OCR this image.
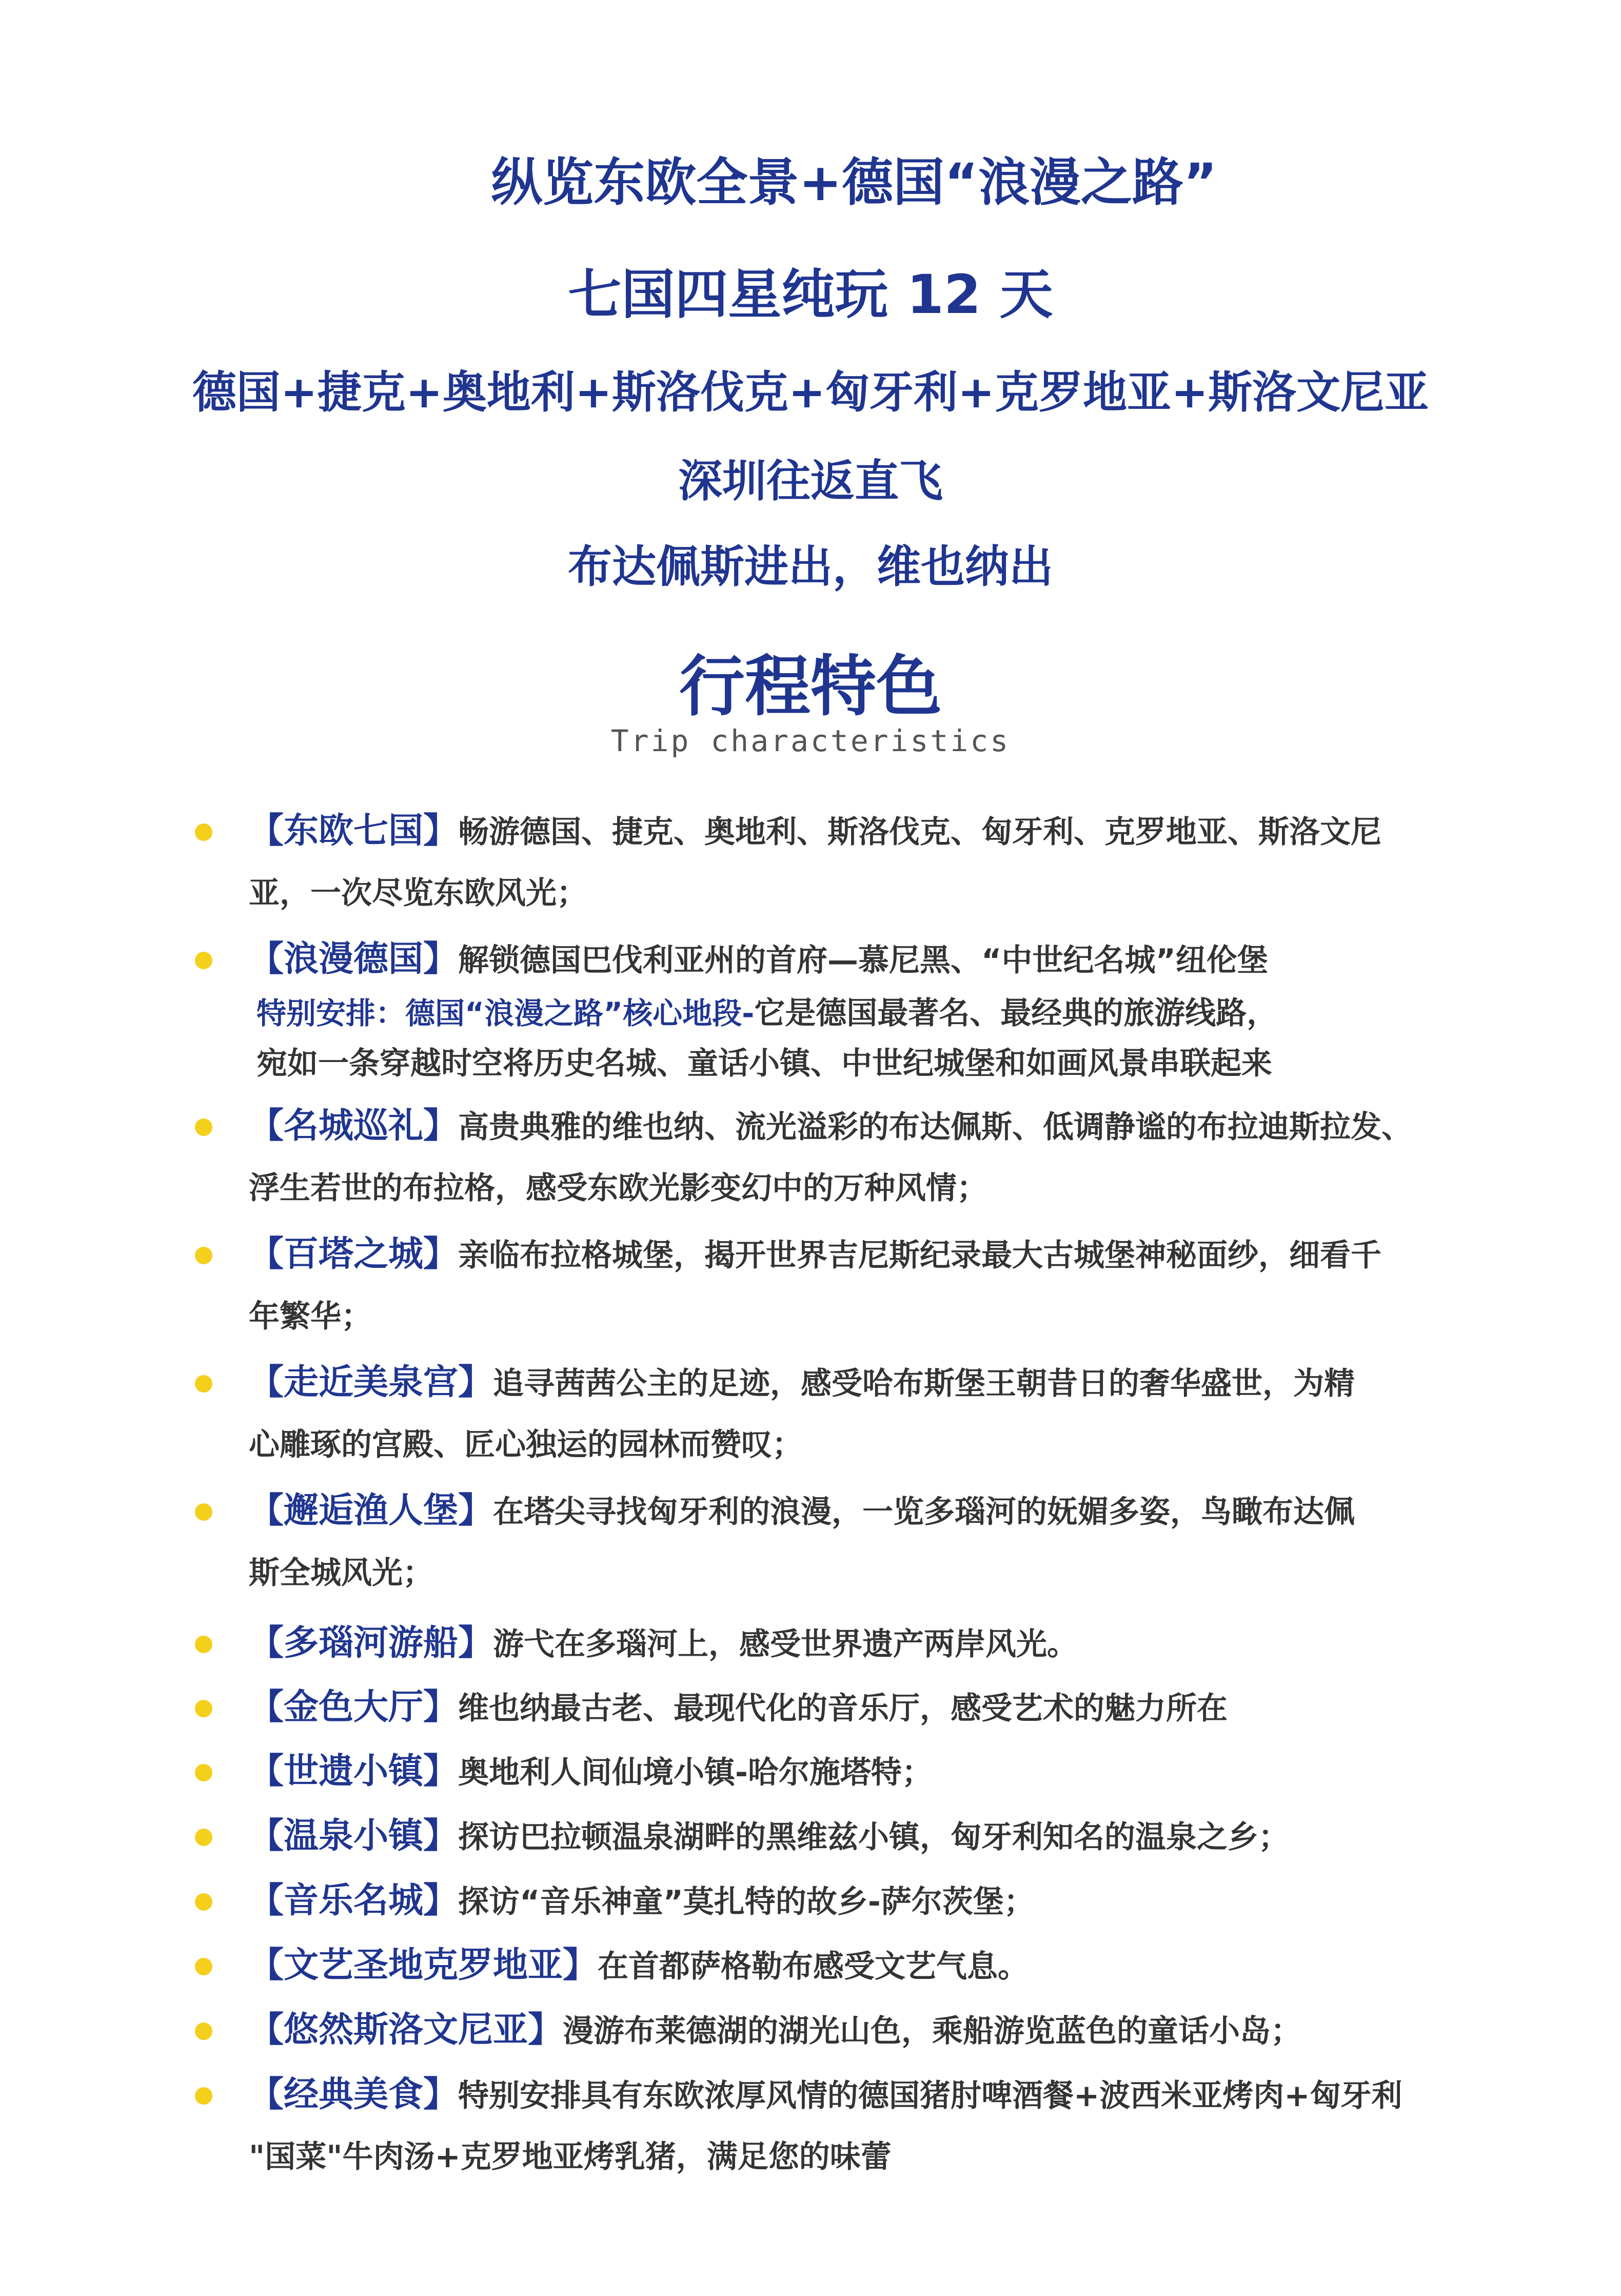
纵览东欧全景+德国“浪漫之路”
七国四星纯玩 12 天
德国+捷克+奥地利+斯洛伐克+匈牙利+克罗地亚+斯洛文尼亚
深圳往返直飞
布达佩斯进出，维也纳出
行程特色
Trip characteristics
【东欧七国】畅游德国、捷克、奥地利、斯洛伐克、匈牙利、克罗地亚、斯洛文尼
亚，一次尽览东欧风光；
【浪漫德国】解锁德国巴伐利亚州的首府—慕尼黑、“中世纪名城”纽伦堡
特别安排：德国“浪漫之路”核心地段-它是德国最著名、最经典的旅游线路，
宛如一条穿越时空将历史名城、童话小镇、中世纪城堡和如画风景串联起来
【名城巡礼】高贵典雅的维也纳、流光溢彩的布达佩斯、低调静谧的布拉迪斯拉发、
浮生若世的布拉格，感受东欧光影变幻中的万种风情；
【百塔之城】亲临布拉格城堡，揭开世界吉尼斯纪录最大古城堡神秘面纱，细看千
年繁华；
【走近美泉宫】追寻茜茜公主的足迹，感受哈布斯堡王朝昔日的奢华盛世，为精
心雕琢的宫殿、匠心独运的园林而赞叹；
【邂逅渔人堡】在塔尖寻找匈牙利的浪漫，一览多瑙河的妩媚多姿，鸟瞰布达佩
斯全城风光；
【多瑙河游船】游弋在多瑙河上，感受世界遗产两岸风光。
【金色大厅】维也纳最古老、最现代化的音乐厅，感受艺术的魅力所在
【世遗小镇】奥地利人间仙境小镇-哈尔施塔特；
【温泉小镇】探访巴拉顿温泉湖畔的黑维兹小镇，匈牙利知名的温泉之乡；
【音乐名城】探访“音乐神童”莫扎特的故乡-萨尔茨堡；
【文艺圣地克罗地亚】在首都萨格勒布感受文艺气息。
【悠然斯洛文尼亚】漫游布莱德湖的湖光山色，乘船游览蓝色的童话小岛；
【经典美食】特别安排具有东欧浓厚风情的德国猪肘啤酒餐+波西米亚烤肉+匈牙利
"国菜"牛肉汤+克罗地亚烤乳猪，满足您的味蕾
